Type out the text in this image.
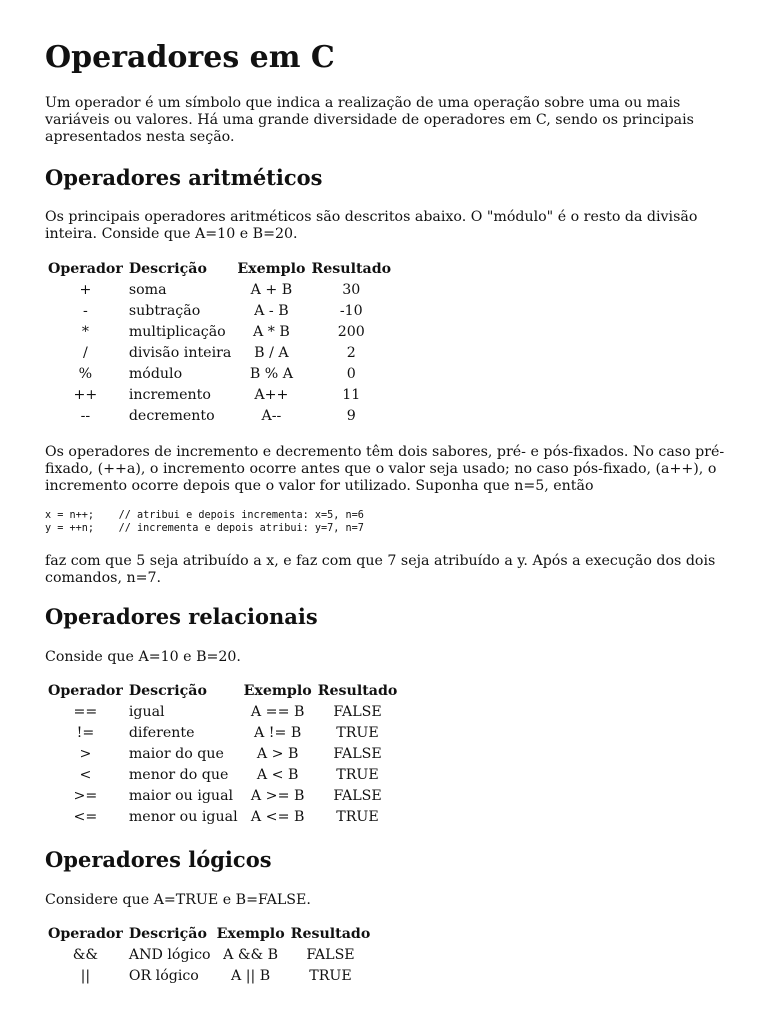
Operadores em C

Um operador é um símbolo que indica a realização de uma operação sobre uma ou mais variáveis ou valores. Há uma grande diversidade de operadores em C, sendo os principais apresentados nesta seção.

Operadores aritméticos

Os principais operadores aritméticos são descritos abaixo. O "módulo" é o resto da divisão inteira. Conside que A=10 e B=20.

Operador	Descrição	Exemplo	Resultado
+	soma	A + B	30
-	subtração	A - B	-10
*	multiplicação	A * B	200
/	divisão inteira	B / A	2
%	módulo	B % A	0
++	incremento	A++	11
--	decremento	A--	9

Os operadores de incremento e decremento têm dois sabores, pré- e pós-fixados. No caso pré-fixado, (++a), o incremento ocorre antes que o valor seja usado; no caso pós-fixado, (a++), o incremento ocorre depois que o valor for utilizado. Suponha que n=5, então

x = n++;    // atribui e depois incrementa: x=5, n=6
y = ++n;    // incrementa e depois atribui: y=7, n=7

faz com que 5 seja atribuído a x, e faz com que 7 seja atribuído a y. Após a execução dos dois comandos, n=7.

Operadores relacionais

Conside que A=10 e B=20.

Operador	Descrição	Exemplo	Resultado
==	igual	A == B	FALSE
!=	diferente	A != B	TRUE
>	maior do que	A > B	FALSE
<	menor do que	A < B	TRUE
>=	maior ou igual	A >= B	FALSE
<=	menor ou igual	A <= B	TRUE
Operadores lógicos

Considere que A=TRUE e B=FALSE.

Operador	Descrição	Exemplo	Resultado
&&	AND lógico	A && B	FALSE
||	OR lógico	A || B	TRUE
